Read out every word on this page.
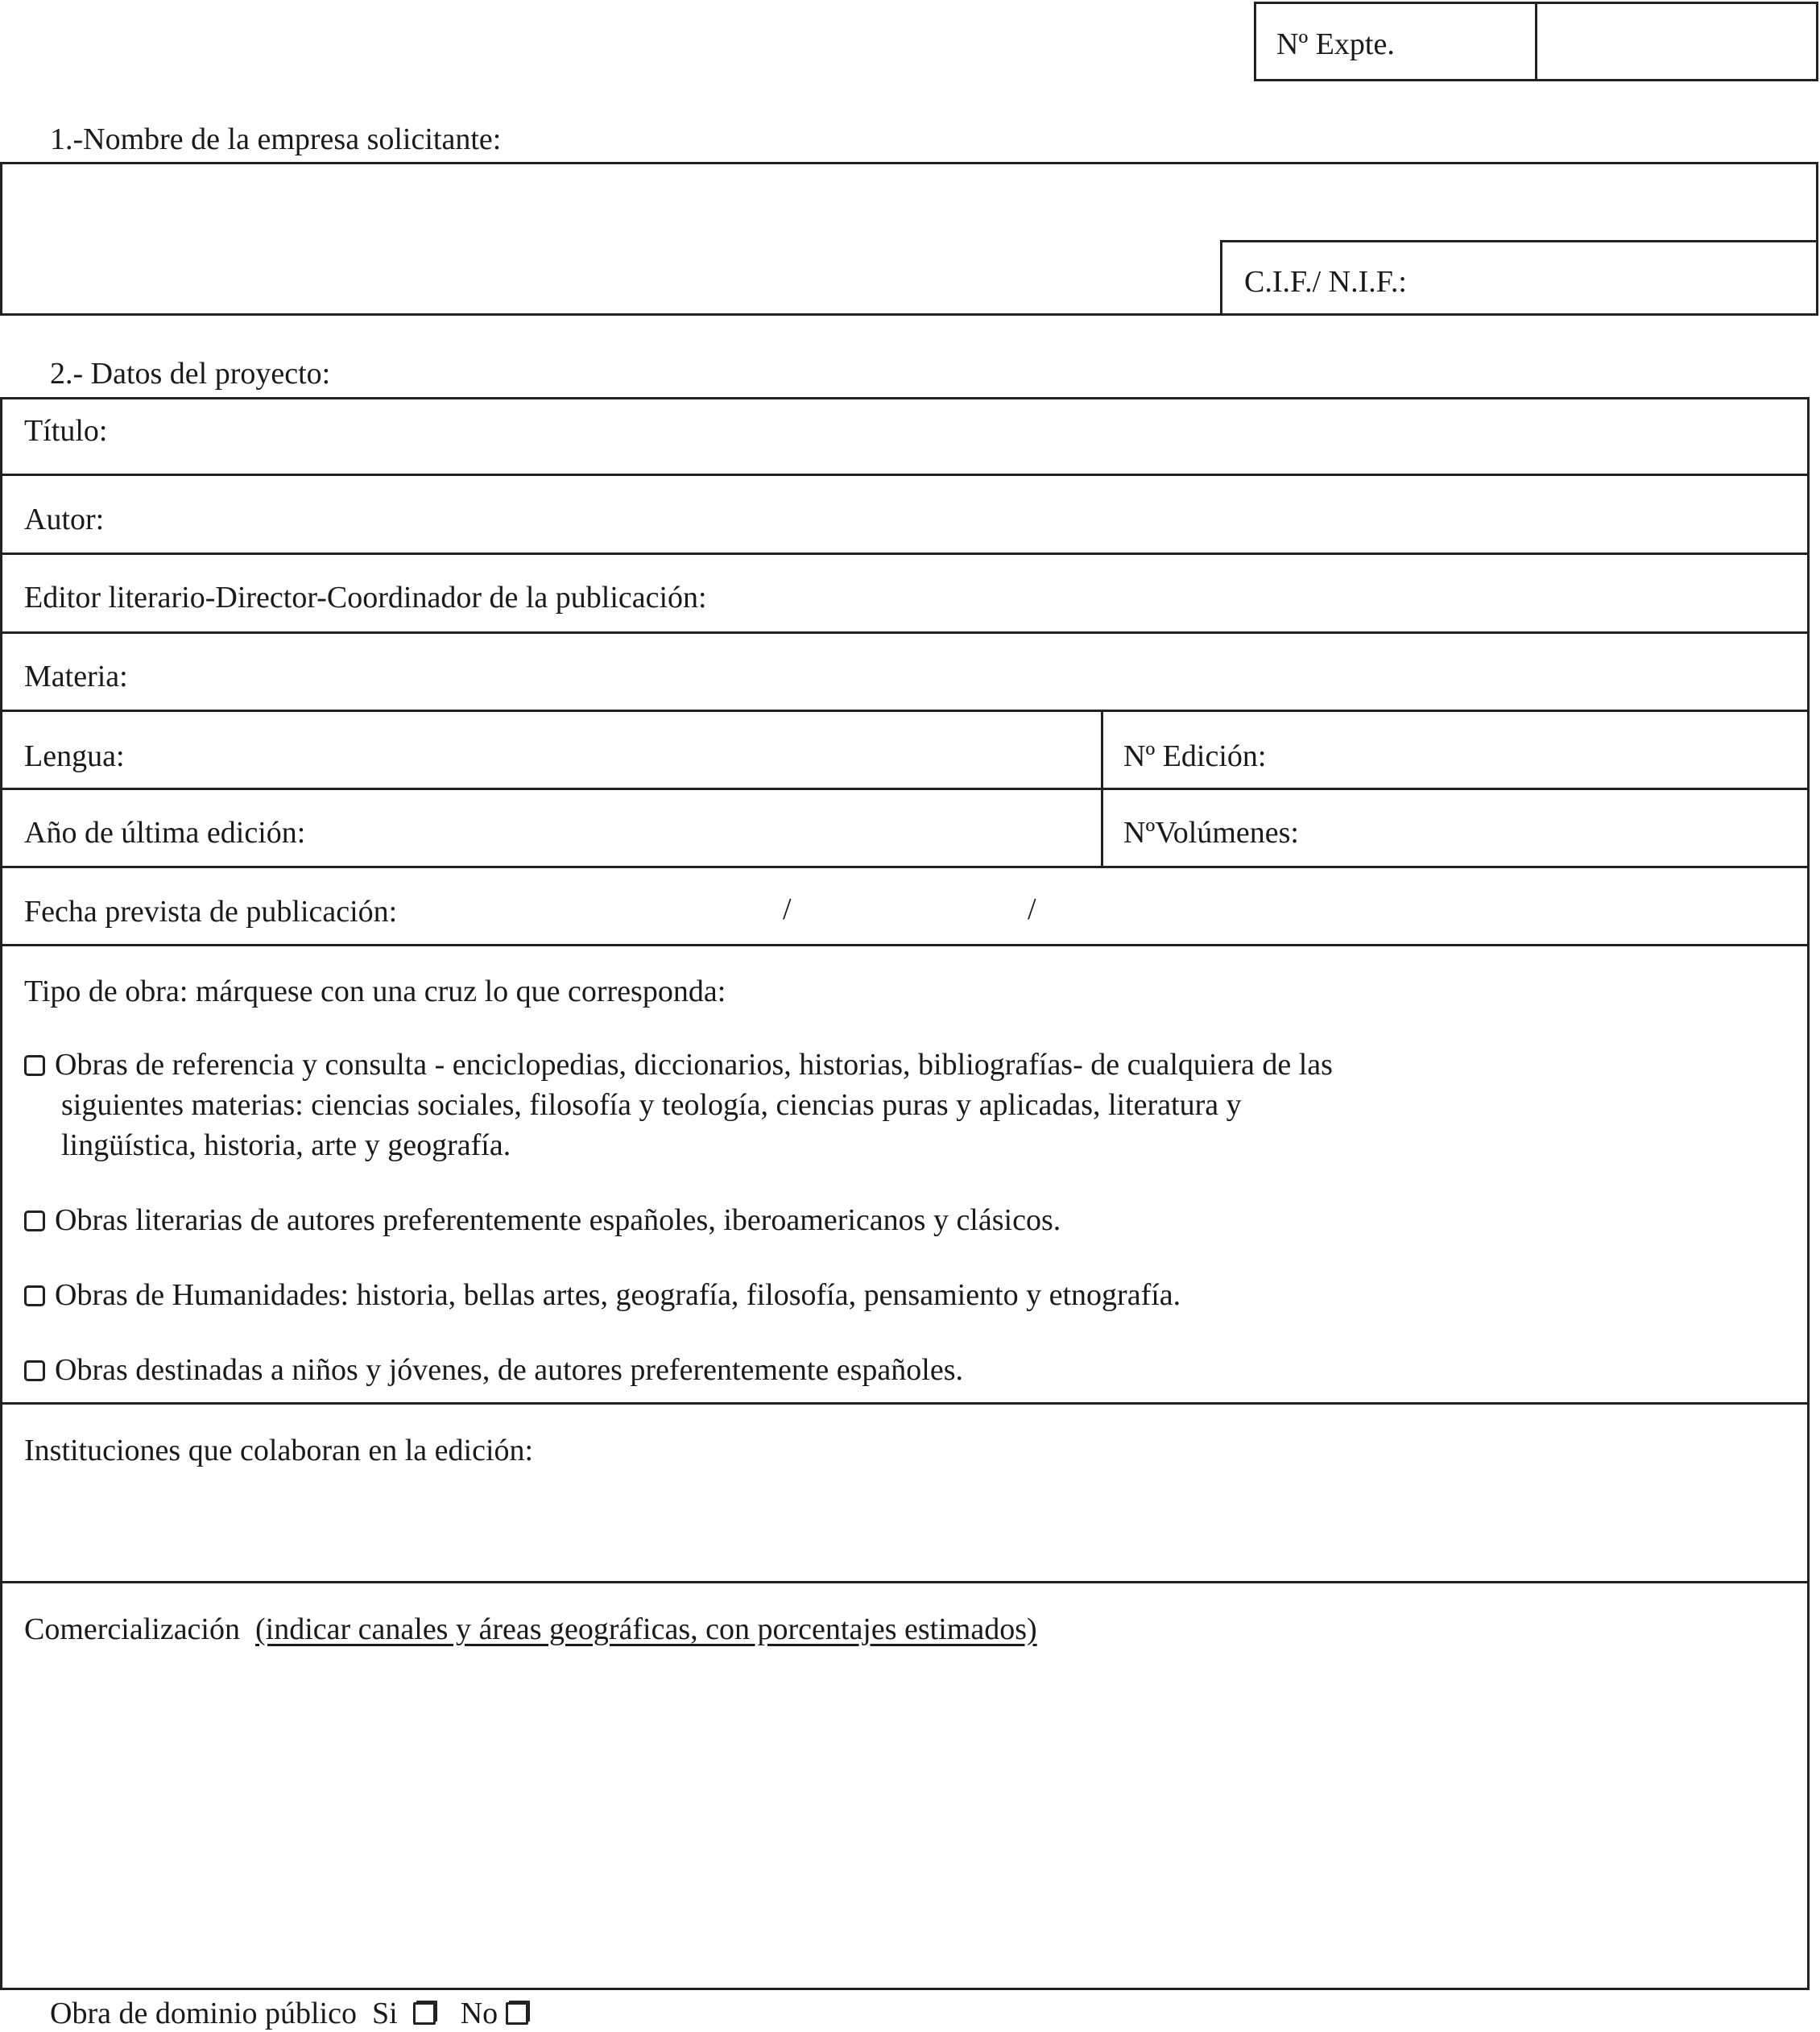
Nº Expte.
1.-Nombre de la empresa solicitante:
C.I.F./ N.I.F.:
2.- Datos del proyecto:
Título:
Autor:
Editor literario-Director-Coordinador de la publicación:
Materia:
Lengua:	Nº Edición:
Año de última edición:	NºVolúmenes:
Fecha prevista de publicación:	/	/
Tipo de obra: márquese con una cruz lo que corresponda:
Obras de referencia y consulta - enciclopedias, diccionarios, historias, bibliografías- de cualquiera de las
siguientes materias: ciencias sociales, filosofía y teología, ciencias puras y aplicadas, literatura y
lingüística, historia, arte y geografía.
Obras literarias de autores preferentemente españoles, iberoamericanos y clásicos.
Obras de Humanidades: historia, bellas artes, geografía, filosofía, pensamiento y etnografía.
Obras destinadas a niños y jóvenes, de autores preferentemente españoles.
Instituciones que colaboran en la edición:
Comercialización (indicar canales y áreas geográficas, con porcentajes estimados)
Obra de dominio público Si No
